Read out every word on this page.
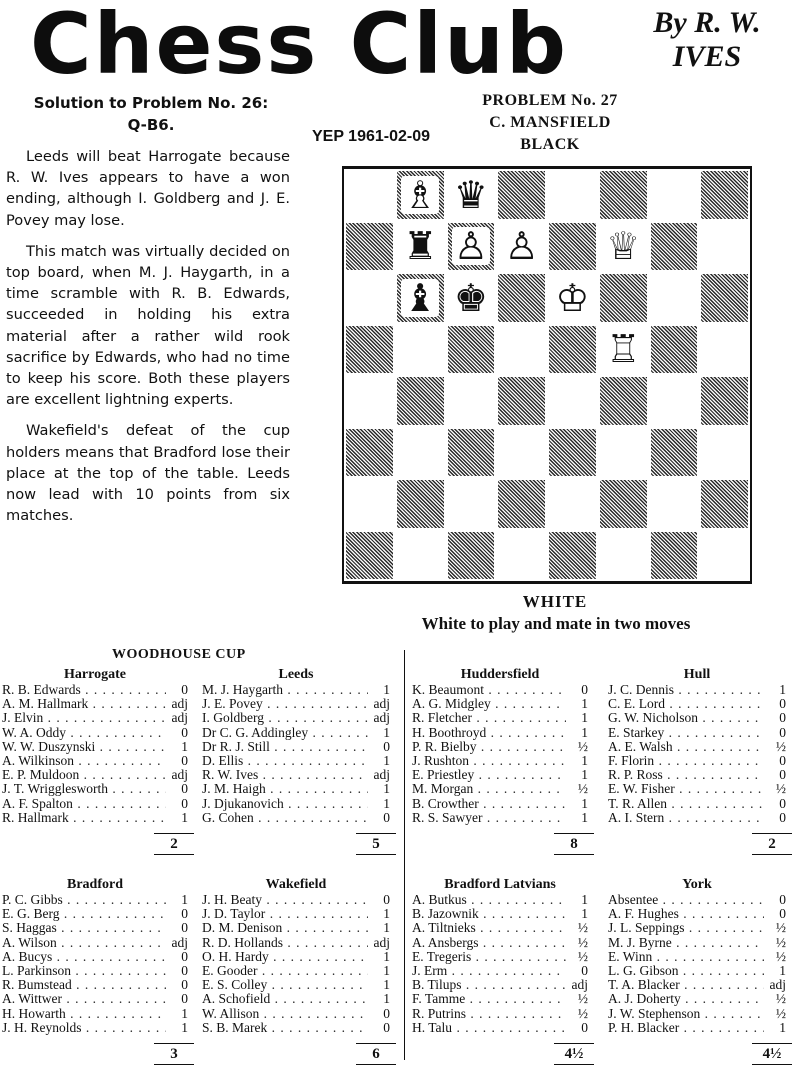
Chess Club	By R. W.
IVES
Solution to Problem No. 26:
Q-B6.

Leeds will beat Harrogate because R. W. Ives appears to have a won ending, although I. Goldberg and J. E. Povey may lose.

This match was virtually decided on top board, when M. J. Haygarth, in a time scramble with R. B. Edwards, succeeded in holding his extra material after a rather wild rook sacrifice by Edwards, who had no time to keep his score. Both these players are excellent lightning experts.

Wakefield's defeat of the cup holders means that Bradford lose their place at the top of the table. Leeds now lead with 10 points from six matches.

YEP 1961-02-09
PROBLEM No. 27
C. MANSFIELD
BLACK
♗ ♛
♜ ♙ ♙ ♕
♝ ♚ ♔
♖
WHITE
White to play and mate in two moves
WOODHOUSE CUP
Harrogate
R. B. Edwards . . .	0
A. M. Hallmark . . .	adj
J. Elvin . . .	adj
W. A. Oddy . . .	0
W. W. Duszynski . . .	1
A. Wilkinson . . .	0
E. P. Muldoon . . .	adj
J. T. Wrigglesworth . . .	0
A. F. Spalton . . .	0
R. Hallmark . . .	1
2
Leeds
M. J. Haygarth . . .	1
J. E. Povey . . .	adj
I. Goldberg . . .	adj
Dr C. G. Addingley . . .	1
Dr R. J. Still . . .	0
D. Ellis . . .	1
R. W. Ives . . .	adj
J. M. Haigh . . .	1
J. Djukanovich . . .	1
G. Cohen . . .	0
5
Huddersfield
K. Beaumont . . .	0
A. G. Midgley . . .	1
R. Fletcher . . .	1
H. Boothroyd . . .	1
P. R. Bielby . . .	½
J. Rushton . . .	1
E. Priestley . . .	1
M. Morgan . . .	½
B. Crowther . . .	1
R. S. Sawyer . . .	1
8
Hull
J. C. Dennis . . .	1
C. E. Lord . . .	0
G. W. Nicholson . . .	0
E. Starkey . . .	0
A. E. Walsh . . .	½
F. Florin . . .	0
R. P. Ross . . .	0
E. W. Fisher . . .	½
T. R. Allen . . .	0
A. I. Stern . . .	0
2
Bradford
P. C. Gibbs . . .	1
E. G. Berg . . .	0
S. Haggas . . .	0
A. Wilson . . .	adj
A. Bucys . . .	0
L. Parkinson . . .	0
R. Bumstead . . .	0
A. Wittwer . . .	0
H. Howarth . . .	1
J. H. Reynolds . . .	1
3
Wakefield
J. H. Beaty . . .	0
J. D. Taylor . . .	1
D. M. Denison . . .	1
R. D. Hollands . . .	adj
O. H. Hardy . . .	1
E. Gooder . . .	1
E. S. Colley . . .	1
A. Schofield . . .	1
W. Allison . . .	0
S. B. Marek . . .	0
6
Bradford Latvians
A. Butkus . . .	1
B. Jazownik . . .	1
A. Tiltnieks . . .	½
A. Ansbergs . . .	½
E. Tregeris . . .	½
J. Erm . . .	0
B. Tilups . . .	adj
F. Tamme . . .	½
R. Putrins . . .	½
H. Talu . . .	0
4½
York
Absentee . . .	0
A. F. Hughes . . .	0
J. L. Seppings . . .	½
M. J. Byrne . . .	½
E. Winn . . .	½
L. G. Gibson . . .	1
T. A. Blacker . . .	adj
A. J. Doherty . . .	½
J. W. Stephenson . . .	½
P. H. Blacker . . .	1
4½
